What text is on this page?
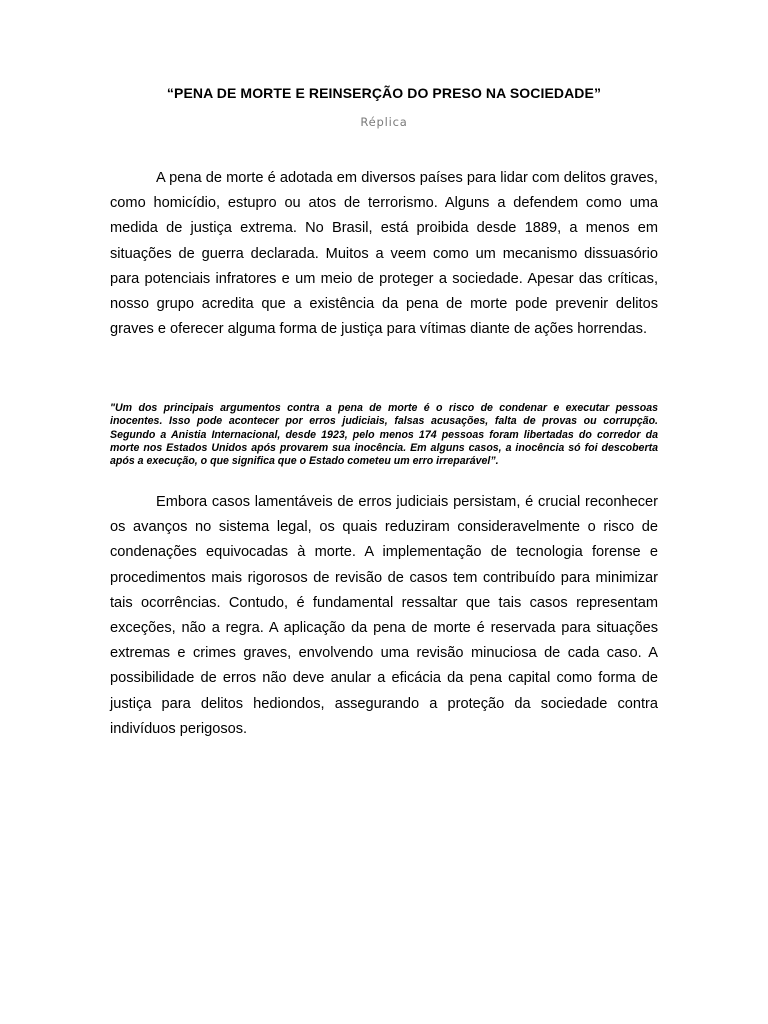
“PENA DE MORTE E REINSERÇÃO DO PRESO NA SOCIEDADE”
Réplica

A pena de morte é adotada em diversos países para lidar com delitos graves, como homicídio, estupro ou atos de terrorismo. Alguns a defendem como uma medida de justiça extrema. No Brasil, está proibida desde 1889, a menos em situações de guerra declarada. Muitos a veem como um mecanismo dissuasório para potenciais infratores e um meio de proteger a sociedade. Apesar das críticas, nosso grupo acredita que a existência da pena de morte pode prevenir delitos graves e oferecer alguma forma de justiça para vítimas diante de ações horrendas.

"Um dos principais argumentos contra a pena de morte é o risco de condenar e executar pessoas inocentes. Isso pode acontecer por erros judiciais, falsas acusações, falta de provas ou corrupção. Segundo a Anistia Internacional, desde 1923, pelo menos 174 pessoas foram libertadas do corredor da morte nos Estados Unidos após provarem sua inocência. Em alguns casos, a inocência só foi descoberta após a execução, o que significa que o Estado cometeu um erro irreparável”.

Embora casos lamentáveis de erros judiciais persistam, é crucial reconhecer os avanços no sistema legal, os quais reduziram consideravelmente o risco de condenações equivocadas à morte. A implementação de tecnologia forense e procedimentos mais rigorosos de revisão de casos tem contribuído para minimizar tais ocorrências. Contudo, é fundamental ressaltar que tais casos representam exceções, não a regra. A aplicação da pena de morte é reservada para situações extremas e crimes graves, envolvendo uma revisão minuciosa de cada caso. A possibilidade de erros não deve anular a eficácia da pena capital como forma de justiça para delitos hediondos, assegurando a proteção da sociedade contra indivíduos perigosos.
